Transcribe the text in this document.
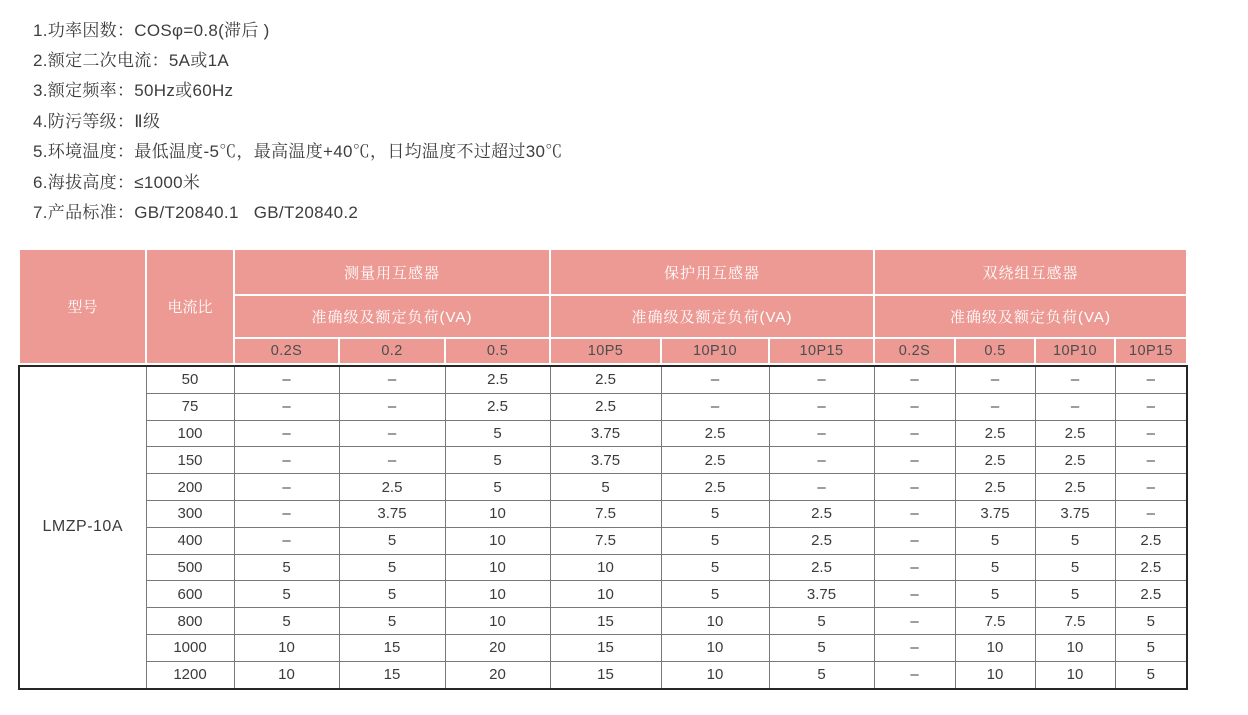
1.功率因数：COSφ=0.8(滞后 )
2.额定二次电流：5A或1A
3.额定频率：50Hz或60Hz
4.防污等级：Ⅱ级
5.环境温度：最低温度-5℃，最高温度+40℃，日均温度不过超过30℃
6.海拔高度：≤1000米
7.产品标准：GB/T20840.1   GB/T20840.2
型号	电流比	测量用互感器			保护用互感器			双绕组互感器			
		准确级及额定负荷(VA)			准确级及额定负荷(VA)			准确级及额定负荷(VA)			
		0.2S	0.2	0.5	10P5	10P10	10P15	0.2S	0.5	10P10	10P15
LMZP-10A	50	–	–	2.5	2.5	–	–	–	–	–	–
	75	–	–	2.5	2.5	–	–	–	–	–	–
	100	–	–	5	3.75	2.5	–	–	2.5	2.5	–
	150	–	–	5	3.75	2.5	–	–	2.5	2.5	–
	200	–	2.5	5	5	2.5	–	–	2.5	2.5	–
	300	–	3.75	10	7.5	5	2.5	–	3.75	3.75	–
	400	–	5	10	7.5	5	2.5	–	5	5	2.5
	500	5	5	10	10	5	2.5	–	5	5	2.5
	600	5	5	10	10	5	3.75	–	5	5	2.5
	800	5	5	10	15	10	5	–	7.5	7.5	5
	1000	10	15	20	15	10	5	–	10	10	5
	1200	10	15	20	15	10	5	–	10	10	5
